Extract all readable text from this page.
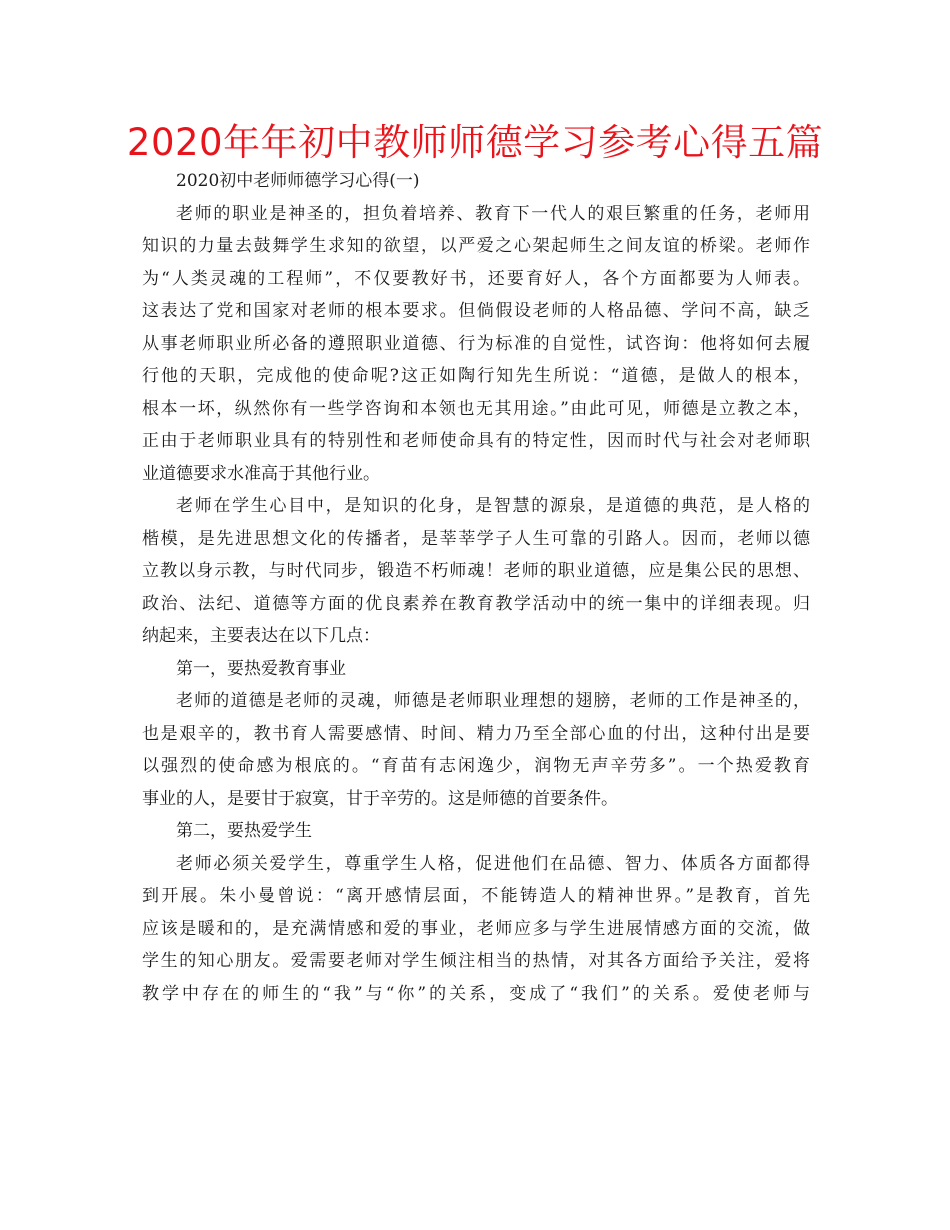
2020年年初中教师师德学习参考心得五篇
2020初中老师师德学习心得(一)
老师的职业是神圣的，担负着培养、教育下一代人的艰巨繁重的任务，老师用
知识的力量去鼓舞学生求知的欲望，以严爱之心架起师生之间友谊的桥梁。老师作
为“人类灵魂的工程师”，不仅要教好书，还要育好人，各个方面都要为人师表。
这表达了党和国家对老师的根本要求。但倘假设老师的人格品德、学问不高，缺乏
从事老师职业所必备的遵照职业道德、行为标准的自觉性，试咨询：他将如何去履
行他的天职，完成他的使命呢?这正如陶行知先生所说：“道德，是做人的根本，
根本一坏，纵然你有一些学咨询和本领也无其用途。”由此可见，师德是立教之本，
正由于老师职业具有的特别性和老师使命具有的特定性，因而时代与社会对老师职
业道德要求水准高于其他行业。
老师在学生心目中，是知识的化身，是智慧的源泉，是道德的典范，是人格的
楷模，是先进思想文化的传播者，是莘莘学子人生可靠的引路人。因而，老师以德
立教以身示教，与时代同步，锻造不朽师魂！老师的职业道德，应是集公民的思想、
政治、法纪、道德等方面的优良素养在教育教学活动中的统一集中的详细表现。归
纳起来，主要表达在以下几点：
第一，要热爱教育事业
老师的道德是老师的灵魂，师德是老师职业理想的翅膀，老师的工作是神圣的，
也是艰辛的，教书育人需要感情、时间、精力乃至全部心血的付出，这种付出是要
以强烈的使命感为根底的。“育苗有志闲逸少，润物无声辛劳多”。一个热爱教育
事业的人，是要甘于寂寞，甘于辛劳的。这是师德的首要条件。
第二，要热爱学生
老师必须关爱学生，尊重学生人格，促进他们在品德、智力、体质各方面都得
到开展。朱小曼曾说：“离开感情层面，不能铸造人的精神世界。”是教育，首先
应该是暖和的，是充满情感和爱的事业，老师应多与学生进展情感方面的交流，做
学生的知心朋友。爱需要老师对学生倾注相当的热情，对其各方面给予关注，爱将
教学中存在的师生的“我”与“你”的关系，变成了“我们”的关系。爱使老师与
